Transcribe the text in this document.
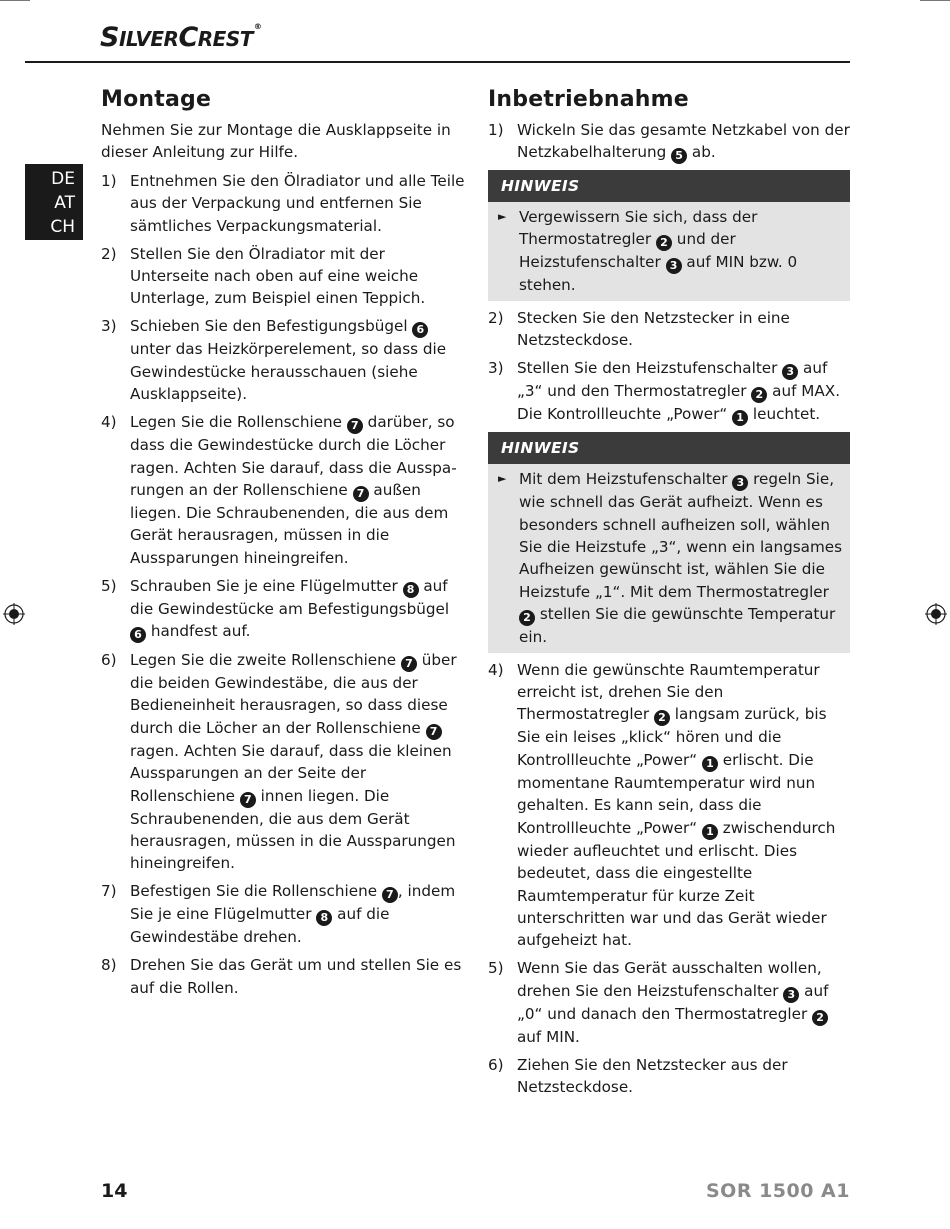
SILVERCREST®
DE
AT
CH
Montage

Nehmen Sie zur Montage die Ausklappseite in dieser Anleitung zur Hilfe.

1) Entnehmen Sie den Ölradiator und alle Teile aus der Verpackung und entfernen Sie sämtliches Verpackungsmaterial.
2) Stellen Sie den Ölradiator mit der Unterseite nach oben auf eine weiche Unterlage, zum Beispiel einen Teppich.
3) Schieben Sie den Befestigungsbügel 6 unter das Heizkörperelement, so dass die Gewindestücke herausschauen (siehe Ausklappseite).
4) Legen Sie die Rollenschiene 7 darüber, so dass die Gewindestücke durch die Löcher ragen. Achten Sie darauf, dass die Aussparungen an der Rollenschiene 7 außen liegen. Die Schraubenenden, die aus dem Gerät herausragen, müssen in die Aussparungen hineingreifen.
5) Schrauben Sie je eine Flügelmutter 8 auf die Gewindestücke am Befestigungsbügel 6 handfest auf.
6) Legen Sie die zweite Rollenschiene 7 über die beiden Gewindestäbe, die aus der Bedieneinheit herausragen, so dass diese durch die Löcher an der Rollenschiene 7 ragen. Achten Sie darauf, dass die kleinen Aussparungen an der Seite der Rollenschiene 7 innen liegen. Die Schraubenenden, die aus dem Gerät herausragen, müssen in die Aussparungen hineingreifen.
7) Befestigen Sie die Rollenschiene 7 , indem Sie je eine Flügelmutter 8 auf die Gewindestäbe drehen.
8) Drehen Sie das Gerät um und stellen Sie es auf die Rollen.
Inbetriebnahme
1) Wickeln Sie das gesamte Netzkabel von der Netzkabelhalterung 5 ab.
HINWEIS
► Vergewissern Sie sich, dass der Thermostatregler 2 und der Heizstufenschalter 3 auf MIN bzw. 0 stehen.
2) Stecken Sie den Netzstecker in eine Netzsteckdose.
3) Stellen Sie den Heizstufenschalter 3 auf „3“ und den Thermostatregler 2 auf MAX. Die Kontrollleuchte „Power“ 1 leuchtet.
HINWEIS
► Mit dem Heizstufenschalter 3 regeln Sie, wie schnell das Gerät aufheizt. Wenn es besonders schnell aufheizen soll, wählen Sie die Heizstufe „3“, wenn ein langsames Aufheizen gewünscht ist, wählen Sie die Heizstufe „1“. Mit dem Thermostatregler 2 stellen Sie die gewünschte Temperatur ein.
4) Wenn die gewünschte Raumtemperatur erreicht ist, drehen Sie den Thermostatregler 2 langsam zurück, bis Sie ein leises „klick“ hören und die Kontrollleuchte „Power“ 1 erlischt. Die momentane Raumtemperatur wird nun gehalten. Es kann sein, dass die Kontrollleuchte „Power“ 1 zwischendurch wieder aufleuchtet und erlischt. Dies bedeutet, dass die eingestellte Raumtemperatur für kurze Zeit unterschritten war und das Gerät wieder aufgeheizt hat.
5) Wenn Sie das Gerät ausschalten wollen, drehen Sie den Heizstufenschalter 3 auf „0“ und danach den Thermostatregler 2 auf MIN.
6) Ziehen Sie den Netzstecker aus der Netzsteckdose.
14	SOR 1500 A1
